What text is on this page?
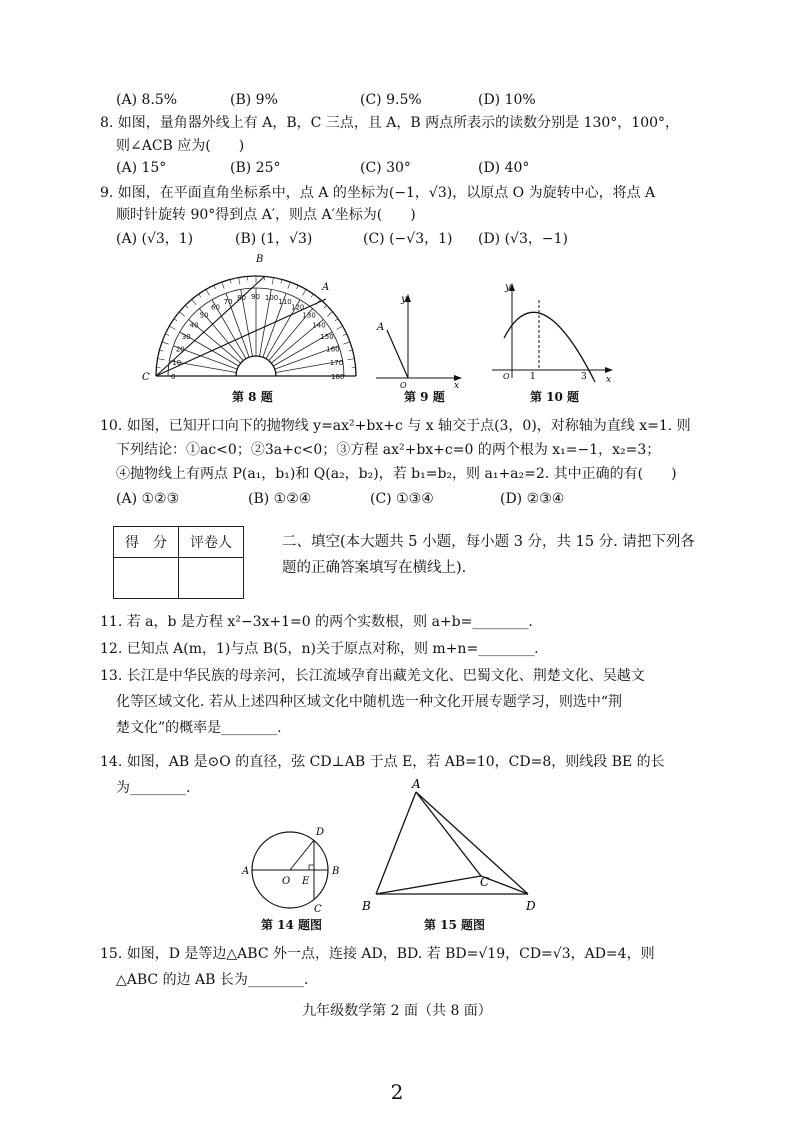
(A) 8.5%	(B) 9%	(C) 9.5%	(D) 10%
8. 如图，量角器外线上有 A，B，C 三点，且 A，B 两点所表示的读数分别是 130°，100°，
则∠ACB 应为(　　)
(A) 15°	(B) 25°	(C) 30°	(D) 40°
9. 如图，在平面直角坐标系中，点 A 的坐标为(−1，√3)，以原点 O 为旋转中心，将点 A
顺时针旋转 90°得到点 A′，则点 A′坐标为(　　)
(A) (√3，1)	(B) (1，√3)	(C) (−√3，1) (D) (√3，−1)
B
A
C	0
10
20
30
40
50
60
70 80 90 100 110
120
130
140
150
160
170
180
第 8 题
y
A
O	x
第 9 题
y
O 1	3 x
第 10 题
10. 如图，已知开口向下的抛物线 y=ax²+bx+c 与 x 轴交于点(3，0)，对称轴为直线 x=1. 则
下列结论：①ac<0；②3a+c<0；③方程 ax²+bx+c=0 的两个根为 x₁=−1，x₂=3；
④抛物线上有两点 P(a₁，b₁)和 Q(a₂，b₂)，若 b₁=b₂，则 a₁+a₂=2. 其中正确的有(　　)
(A) ①②③	(B) ①②④	(C) ①③④	(D) ②③④
得　分	评卷人
		二、填空(本大题共 5 小题，每小题 3 分，共 15 分. 请把下列各
题的正确答案填写在横线上).
11. 若 a，b 是方程 x²−3x+1=0 的两个实数根，则 a+b=________.
12. 已知点 A(m，1)与点 B(5，n)关于原点对称，则 m+n=________.
13. 长江是中华民族的母亲河，长江流域孕育出藏羌文化、巴蜀文化、荆楚文化、吴越文
化等区域文化. 若从上述四种区域文化中随机选一种文化开展专题学习，则选中“荆
楚文化”的概率是________.
14. 如图，AB 是⊙O 的直径，弦 CD⊥AB 于点 E，若 AB=10，CD=8，则线段 BE 的长
为________.
A
O E
B
C
D
第 14 题图
A
B
C
D
第 15 题图
15. 如图，D 是等边△ABC 外一点，连接 AD，BD. 若 BD=√19，CD=√3，AD=4，则
△ABC 的边 AB 长为________.
九年级数学第 2 面（共 8 面）
2
